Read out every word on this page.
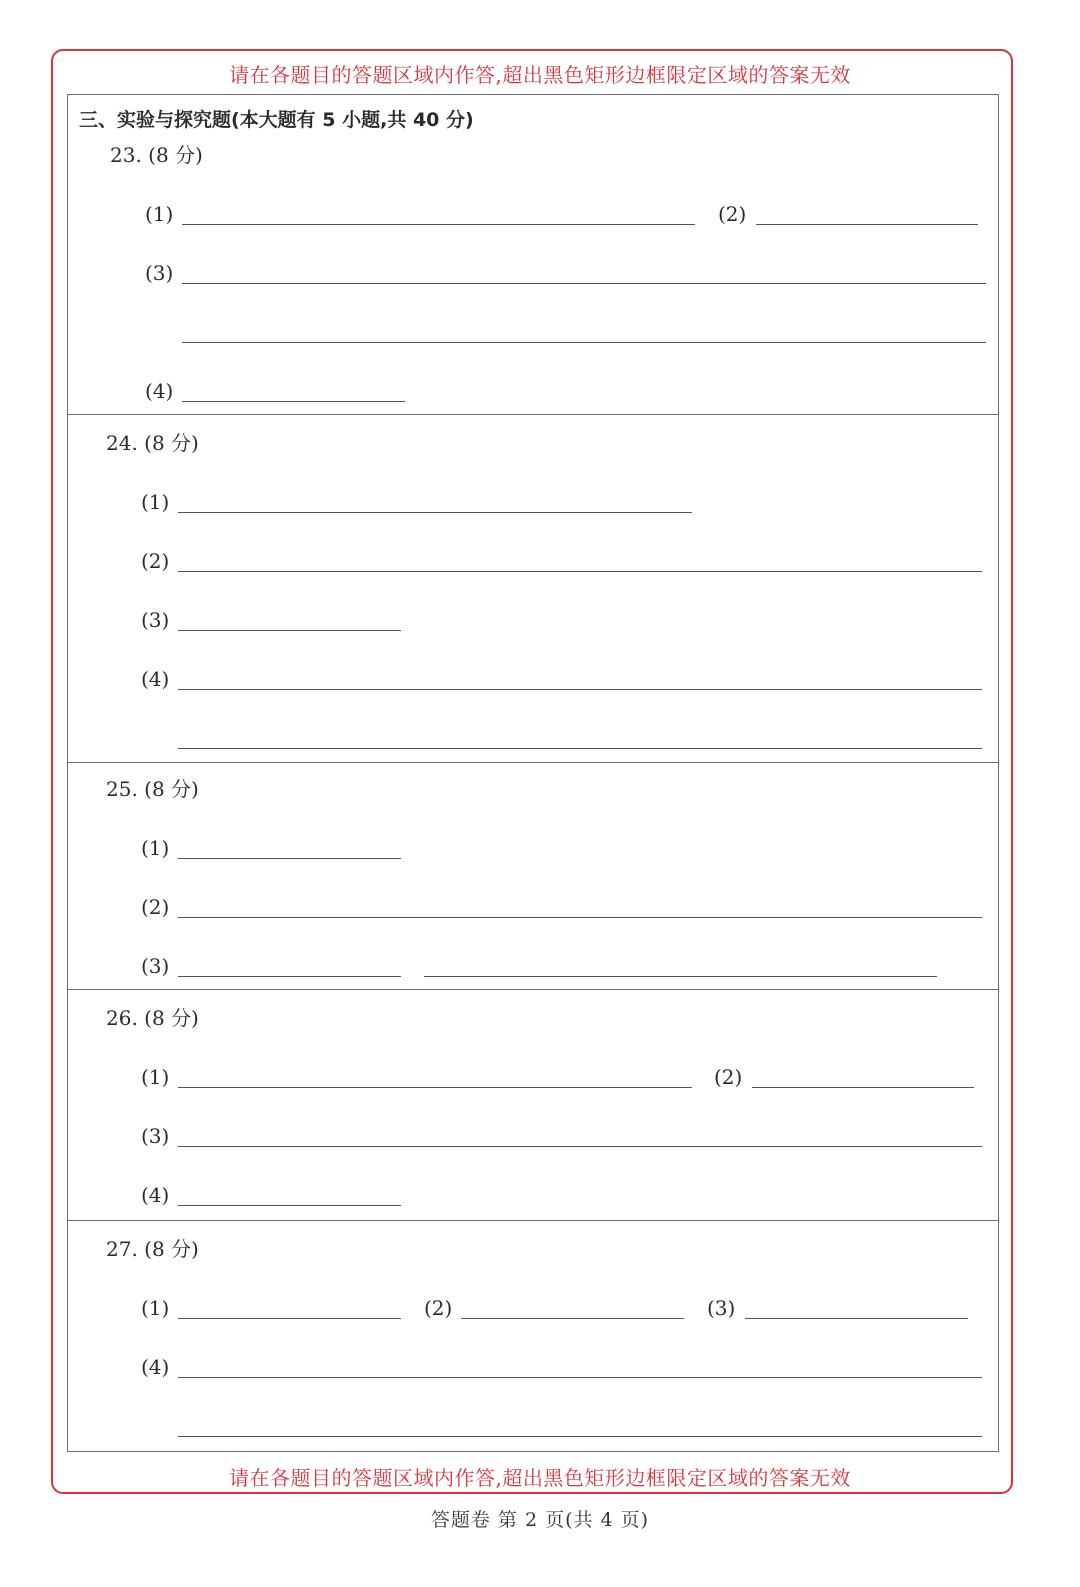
请在各题目的答题区域内作答,超出黑色矩形边框限定区域的答案无效
请在各题目的答题区域内作答,超出黑色矩形边框限定区域的答案无效
三、实验与探究题(本大题有 5 小题,共 40 分)
23. (8 分)
(1)	(2)
(3)
(4)
24. (8 分)
(1)
(2)
(3)
(4)
25. (8 分)
(1)
(2)
(3)
26. (8 分)
(1)	(2)
(3)
(4)
27. (8 分)
(1)	(2)	(3)
(4)
答题卷 第 2 页(共 4 页)
